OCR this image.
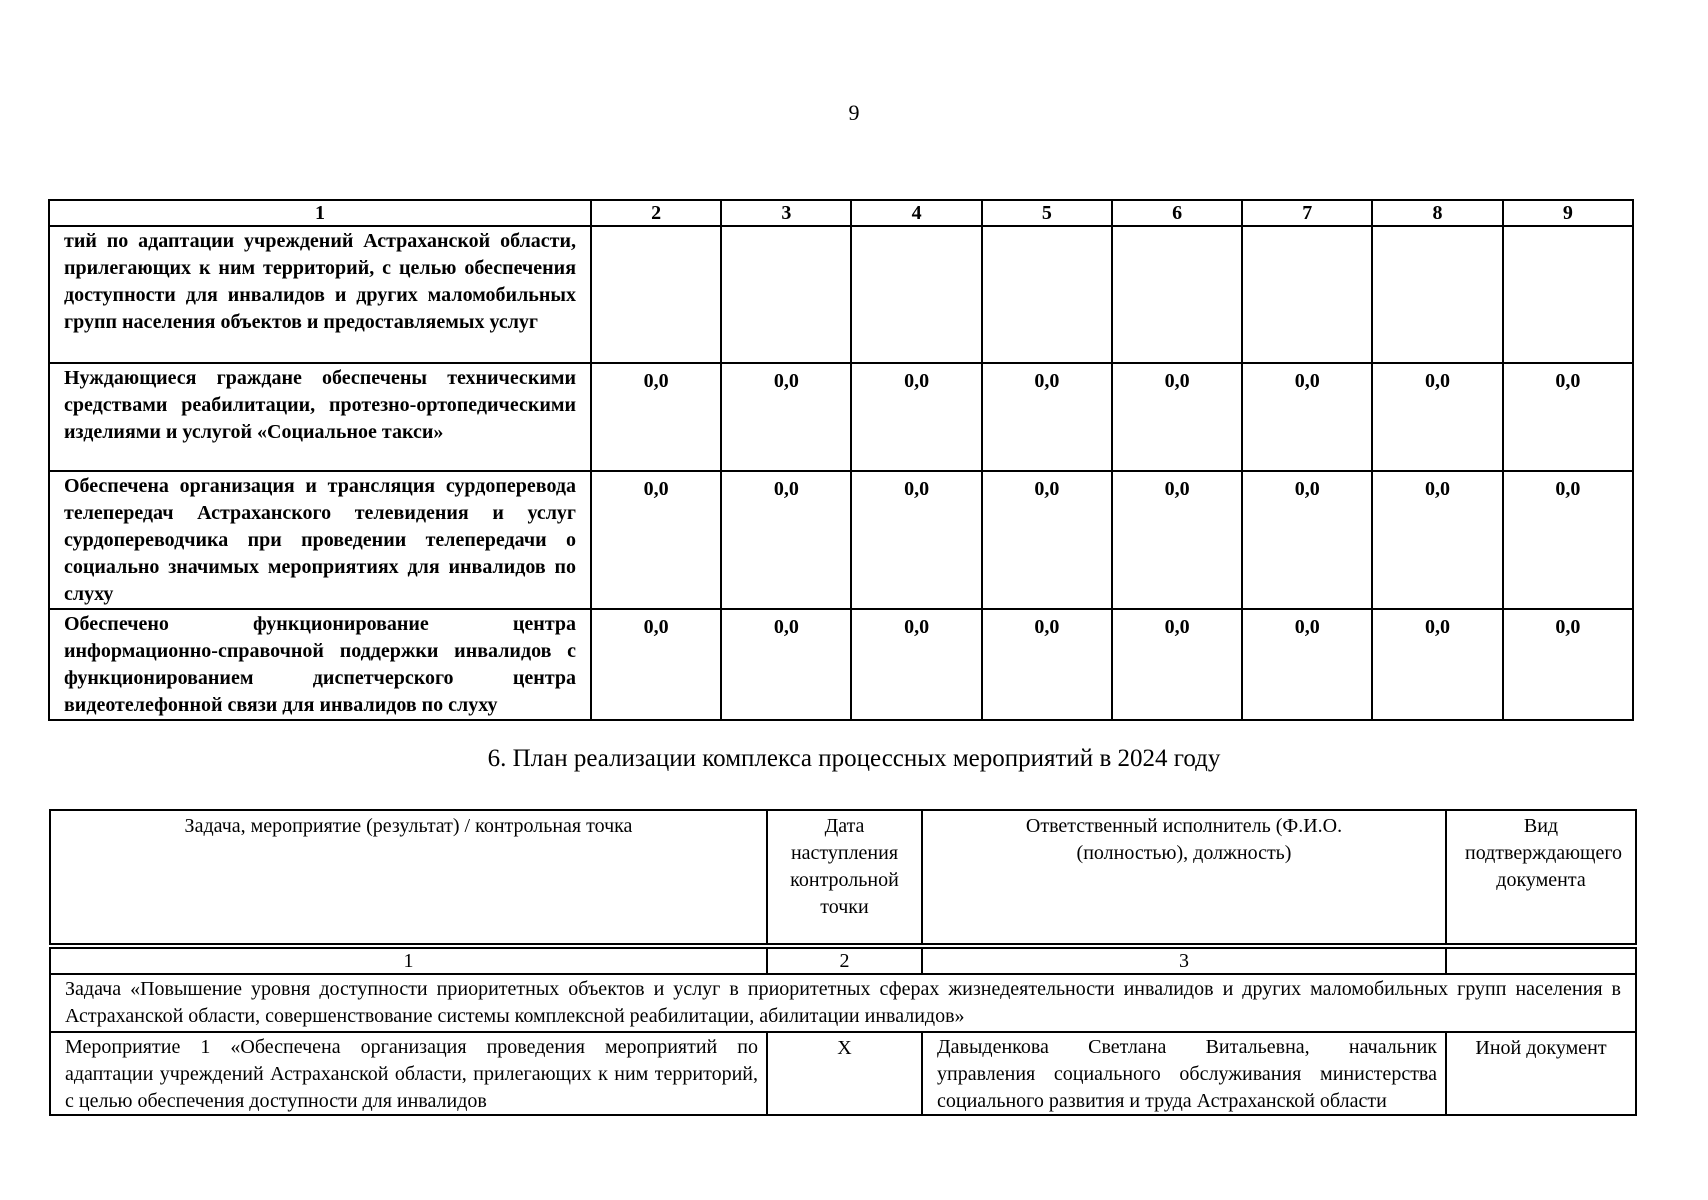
9
1	2	3	4	5	6	7	8	9
тий по адаптации учреждений Астраханской области, прилегающих к ним территорий, с целью обеспечения доступности для инвалидов и других маломобильных групп населения объектов и предоставляемых услуг								
Нуждающиеся граждане обеспечены техническими средствами реабилитации, протезно-ортопедическими изделиями и услугой «Социальное такси»	0,0	0,0	0,0	0,0	0,0	0,0	0,0	0,0
Обеспечена организация и трансляция сурдоперевода телепередач Астраханского телевидения и услуг сурдопереводчика при проведении телепередачи о социально значимых мероприятиях для инвалидов по слуху	0,0	0,0	0,0	0,0	0,0	0,0	0,0	0,0
Обеспечено функционирование центра информационно-справочной поддержки инвалидов с функционированием диспетчерского центра видеотелефонной связи для инвалидов по слуху	0,0	0,0	0,0	0,0	0,0	0,0	0,0	0,0
6. План реализации комплекса процессных мероприятий в 2024 году
Задача, мероприятие (результат) / контрольная точка	Дата наступления контрольной точки	Ответственный исполнитель (Ф.И.О. (полностью), должность)	Вид подтверждающего документа

1	2	3	
Задача «Повышение уровня доступности приоритетных объектов и услуг в приоритетных сферах жизнедеятельности инвалидов и других маломобильных групп населения в Астраханской области, совершенствование системы комплексной реабилитации, абилитации инвалидов»			

Мероприятие 1 «Обеспечена организация проведения мероприятий по адаптации учреждений Астраханской области, прилегающих к ним территорий, с целью обеспечения доступности для инвалидов	X	Давыденкова Светлана Витальевна, начальник управления социального обслуживания министерства социального развития и труда Астраханской области	Иной документ
